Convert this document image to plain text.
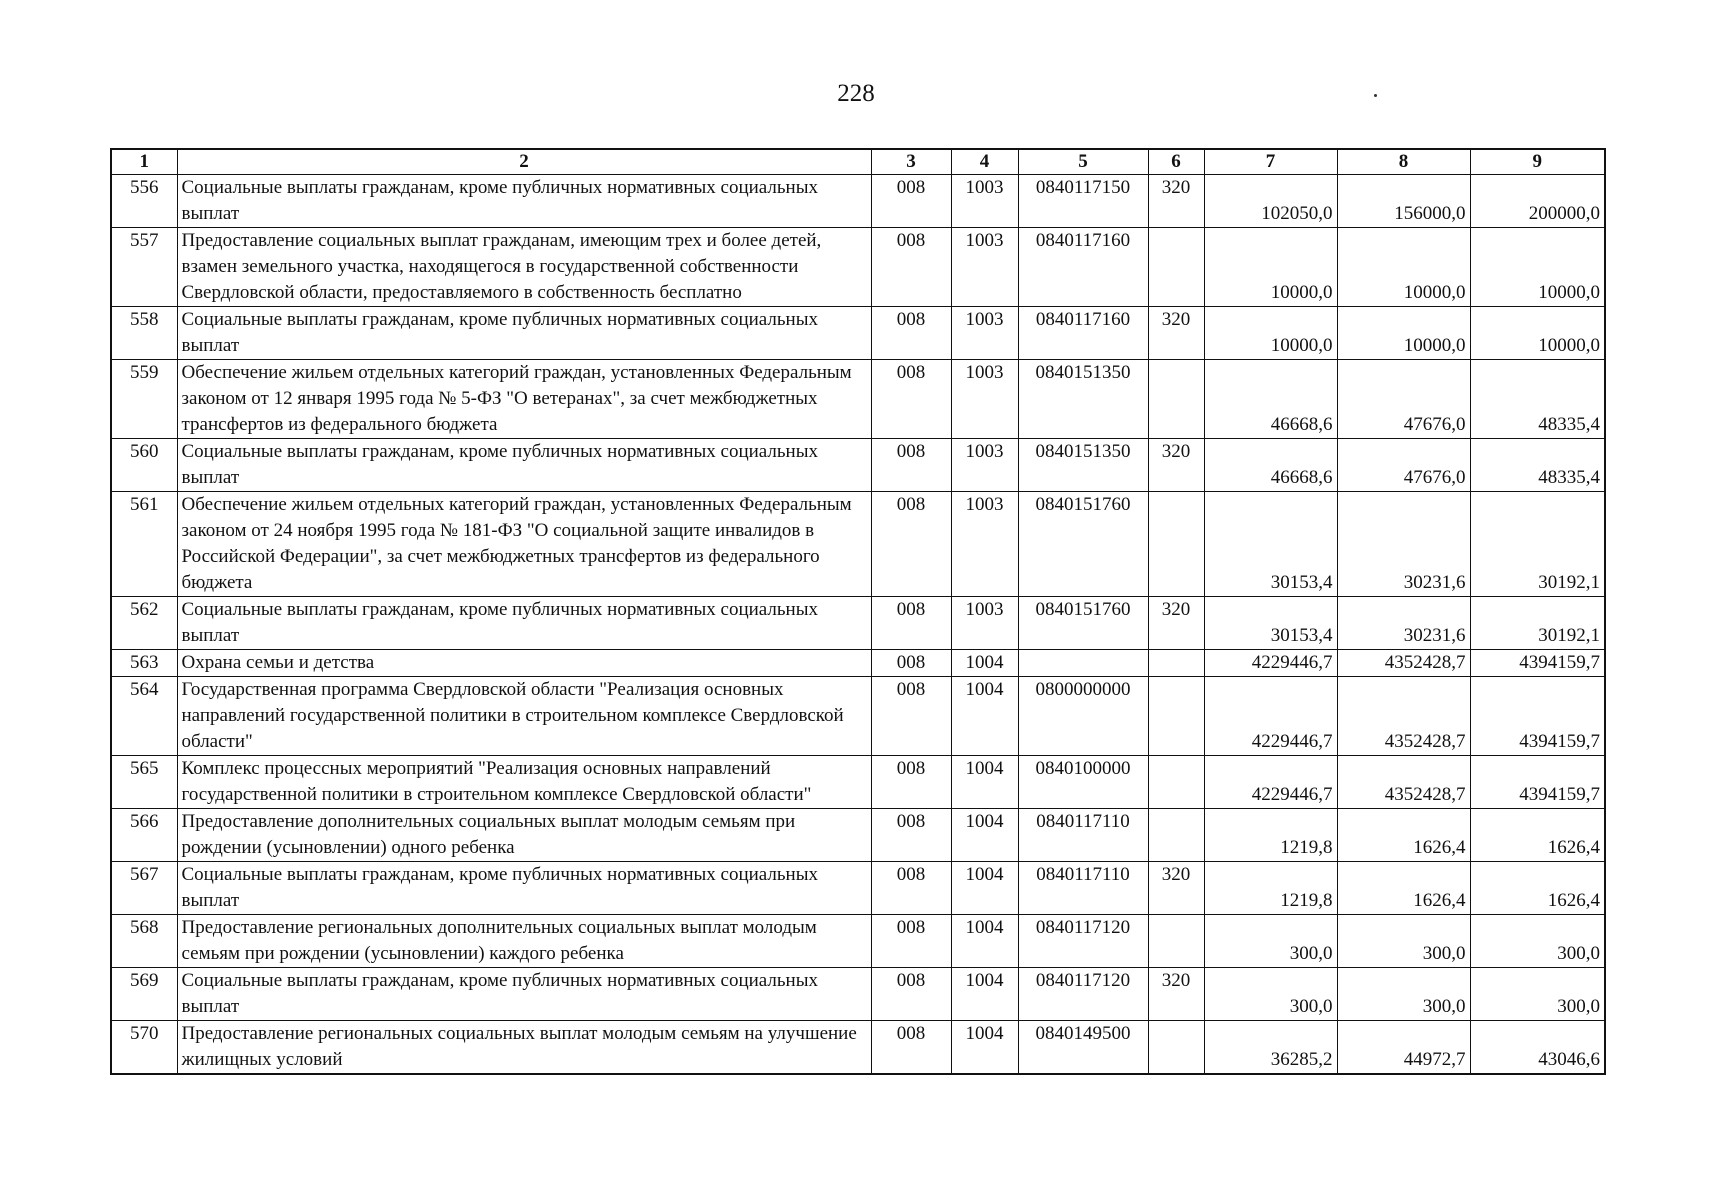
228
1	2	3	4	5	6	7	8	9
556	Социальные выплаты гражданам, кроме публичных нормативных социальных выплат	008	1003	0840117150	320	102050,0	156000,0	200000,0
557	Предоставление социальных выплат гражданам, имеющим трех и более детей, взамен земельного участка, находящегося в государственной собственности Свердловской области, предоставляемого в собственность бесплатно	008	1003	0840117160		10000,0	10000,0	10000,0
558	Социальные выплаты гражданам, кроме публичных нормативных социальных выплат	008	1003	0840117160	320	10000,0	10000,0	10000,0
559	Обеспечение жильем отдельных категорий граждан, установленных Федеральным законом от 12 января 1995 года № 5-ФЗ "О ветеранах", за счет межбюджетных трансфертов из федерального бюджета	008	1003	0840151350		46668,6	47676,0	48335,4
560	Социальные выплаты гражданам, кроме публичных нормативных социальных выплат	008	1003	0840151350	320	46668,6	47676,0	48335,4
561	Обеспечение жильем отдельных категорий граждан, установленных Федеральным законом от 24 ноября 1995 года № 181-ФЗ "О социальной защите инвалидов в Российской Федерации", за счет межбюджетных трансфертов из федерального бюджета	008	1003	0840151760		30153,4	30231,6	30192,1
562	Социальные выплаты гражданам, кроме публичных нормативных социальных выплат	008	1003	0840151760	320	30153,4	30231,6	30192,1
563	Охрана семьи и детства	008	1004			4229446,7	4352428,7	4394159,7
564	Государственная программа Свердловской области "Реализация основных направлений государственной политики в строительном комплексе Свердловской области"	008	1004	0800000000		4229446,7	4352428,7	4394159,7
565	Комплекс процессных мероприятий "Реализация основных направлений государственной политики в строительном комплексе Свердловской области"	008	1004	0840100000		4229446,7	4352428,7	4394159,7
566	Предоставление дополнительных социальных выплат молодым семьям при рождении (усыновлении) одного ребенка	008	1004	0840117110		1219,8	1626,4	1626,4
567	Социальные выплаты гражданам, кроме публичных нормативных социальных выплат	008	1004	0840117110	320	1219,8	1626,4	1626,4
568	Предоставление региональных дополнительных социальных выплат молодым семьям при рождении (усыновлении) каждого ребенка	008	1004	0840117120		300,0	300,0	300,0
569	Социальные выплаты гражданам, кроме публичных нормативных социальных выплат	008	1004	0840117120	320	300,0	300,0	300,0
570	Предоставление региональных социальных выплат молодым семьям на улучшение жилищных условий	008	1004	0840149500		36285,2	44972,7	43046,6
